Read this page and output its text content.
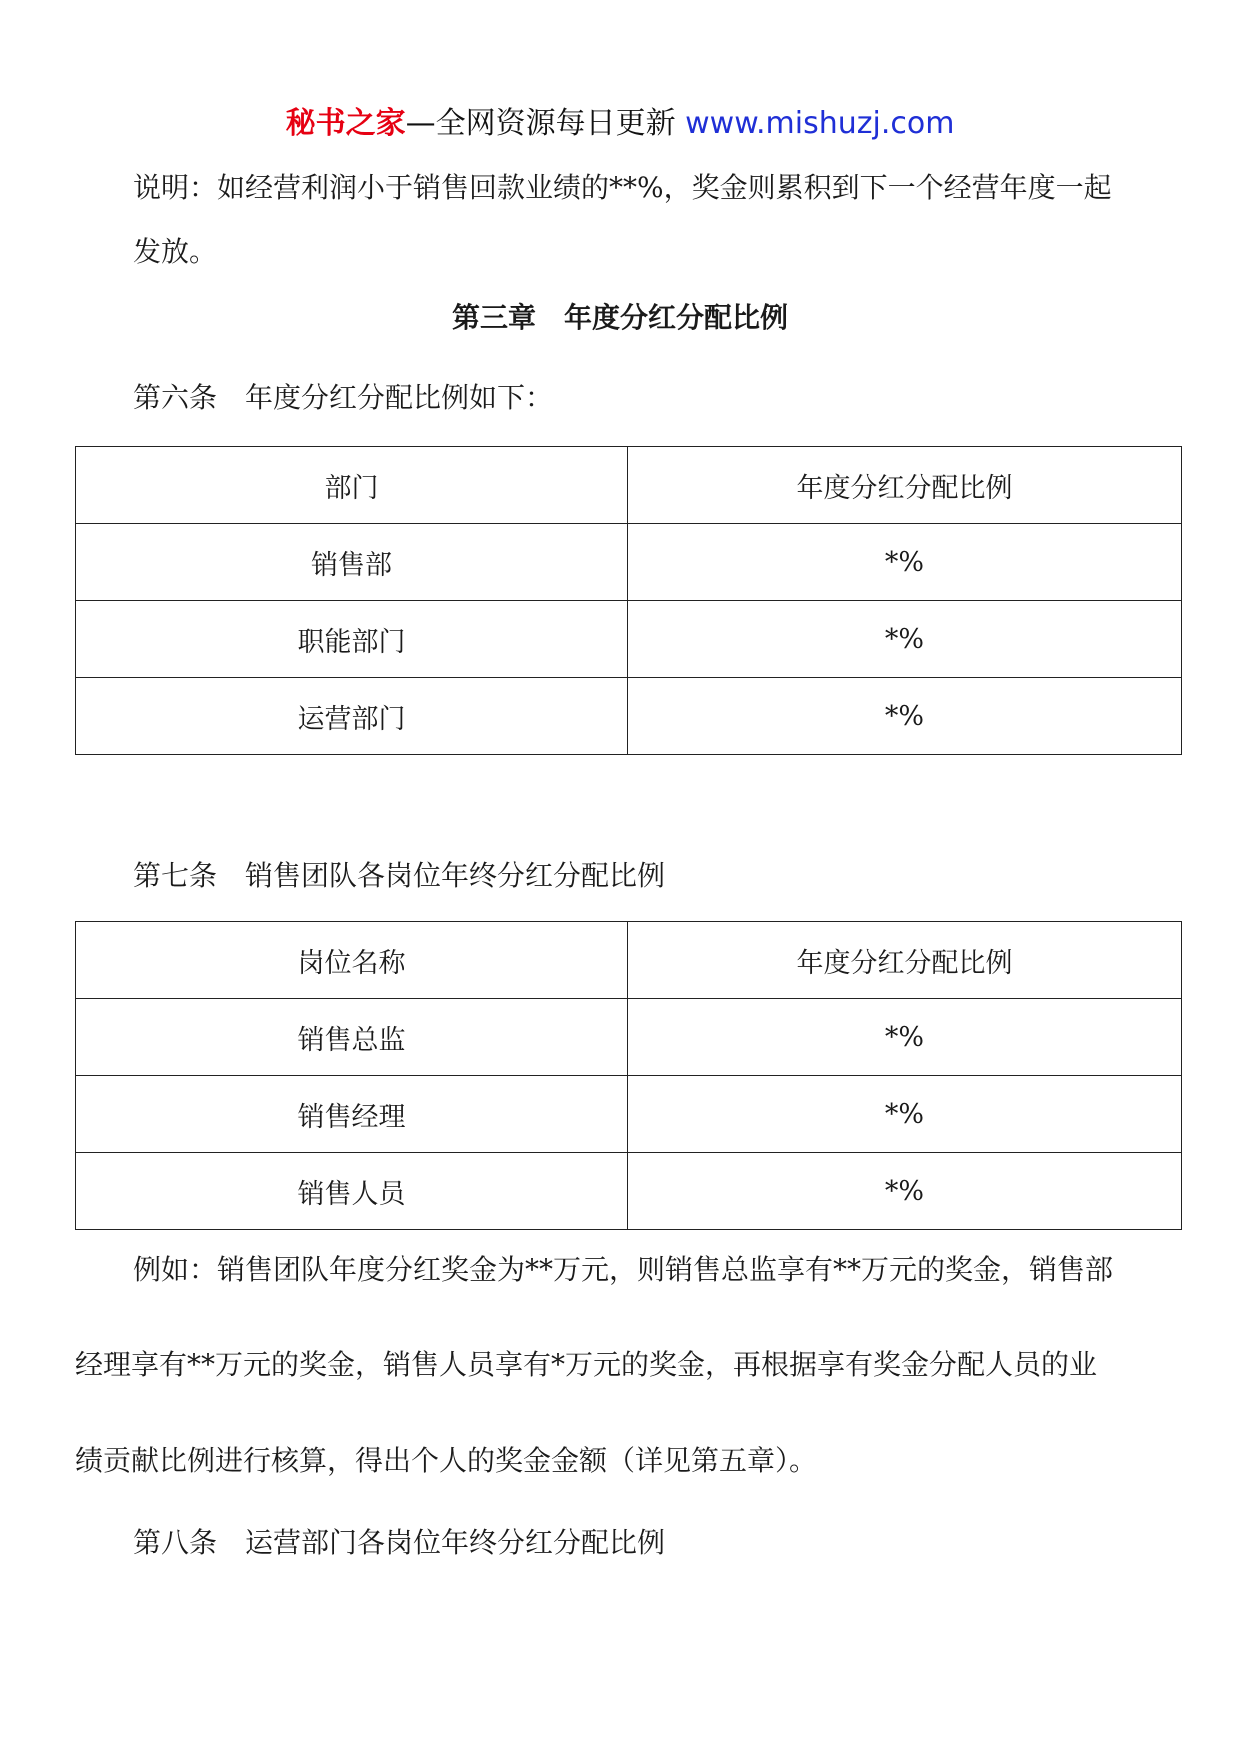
秘书之家—全网资源每日更新 www.mishuzj.com
说明：如经营利润小于销售回款业绩的**%，奖金则累积到下一个经营年度一起
发放。
第三章　年度分红分配比例
第六条　年度分红分配比例如下：
部门	年度分红分配比例
销售部	*%
职能部门	*%
运营部门	*%
第七条　销售团队各岗位年终分红分配比例
岗位名称	年度分红分配比例
销售总监	*%
销售经理	*%
销售人员	*%
例如：销售团队年度分红奖金为**万元，则销售总监享有**万元的奖金，销售部
经理享有**万元的奖金，销售人员享有*万元的奖金，再根据享有奖金分配人员的业
绩贡献比例进行核算，得出个人的奖金金额（详见第五章）。
第八条　运营部门各岗位年终分红分配比例
